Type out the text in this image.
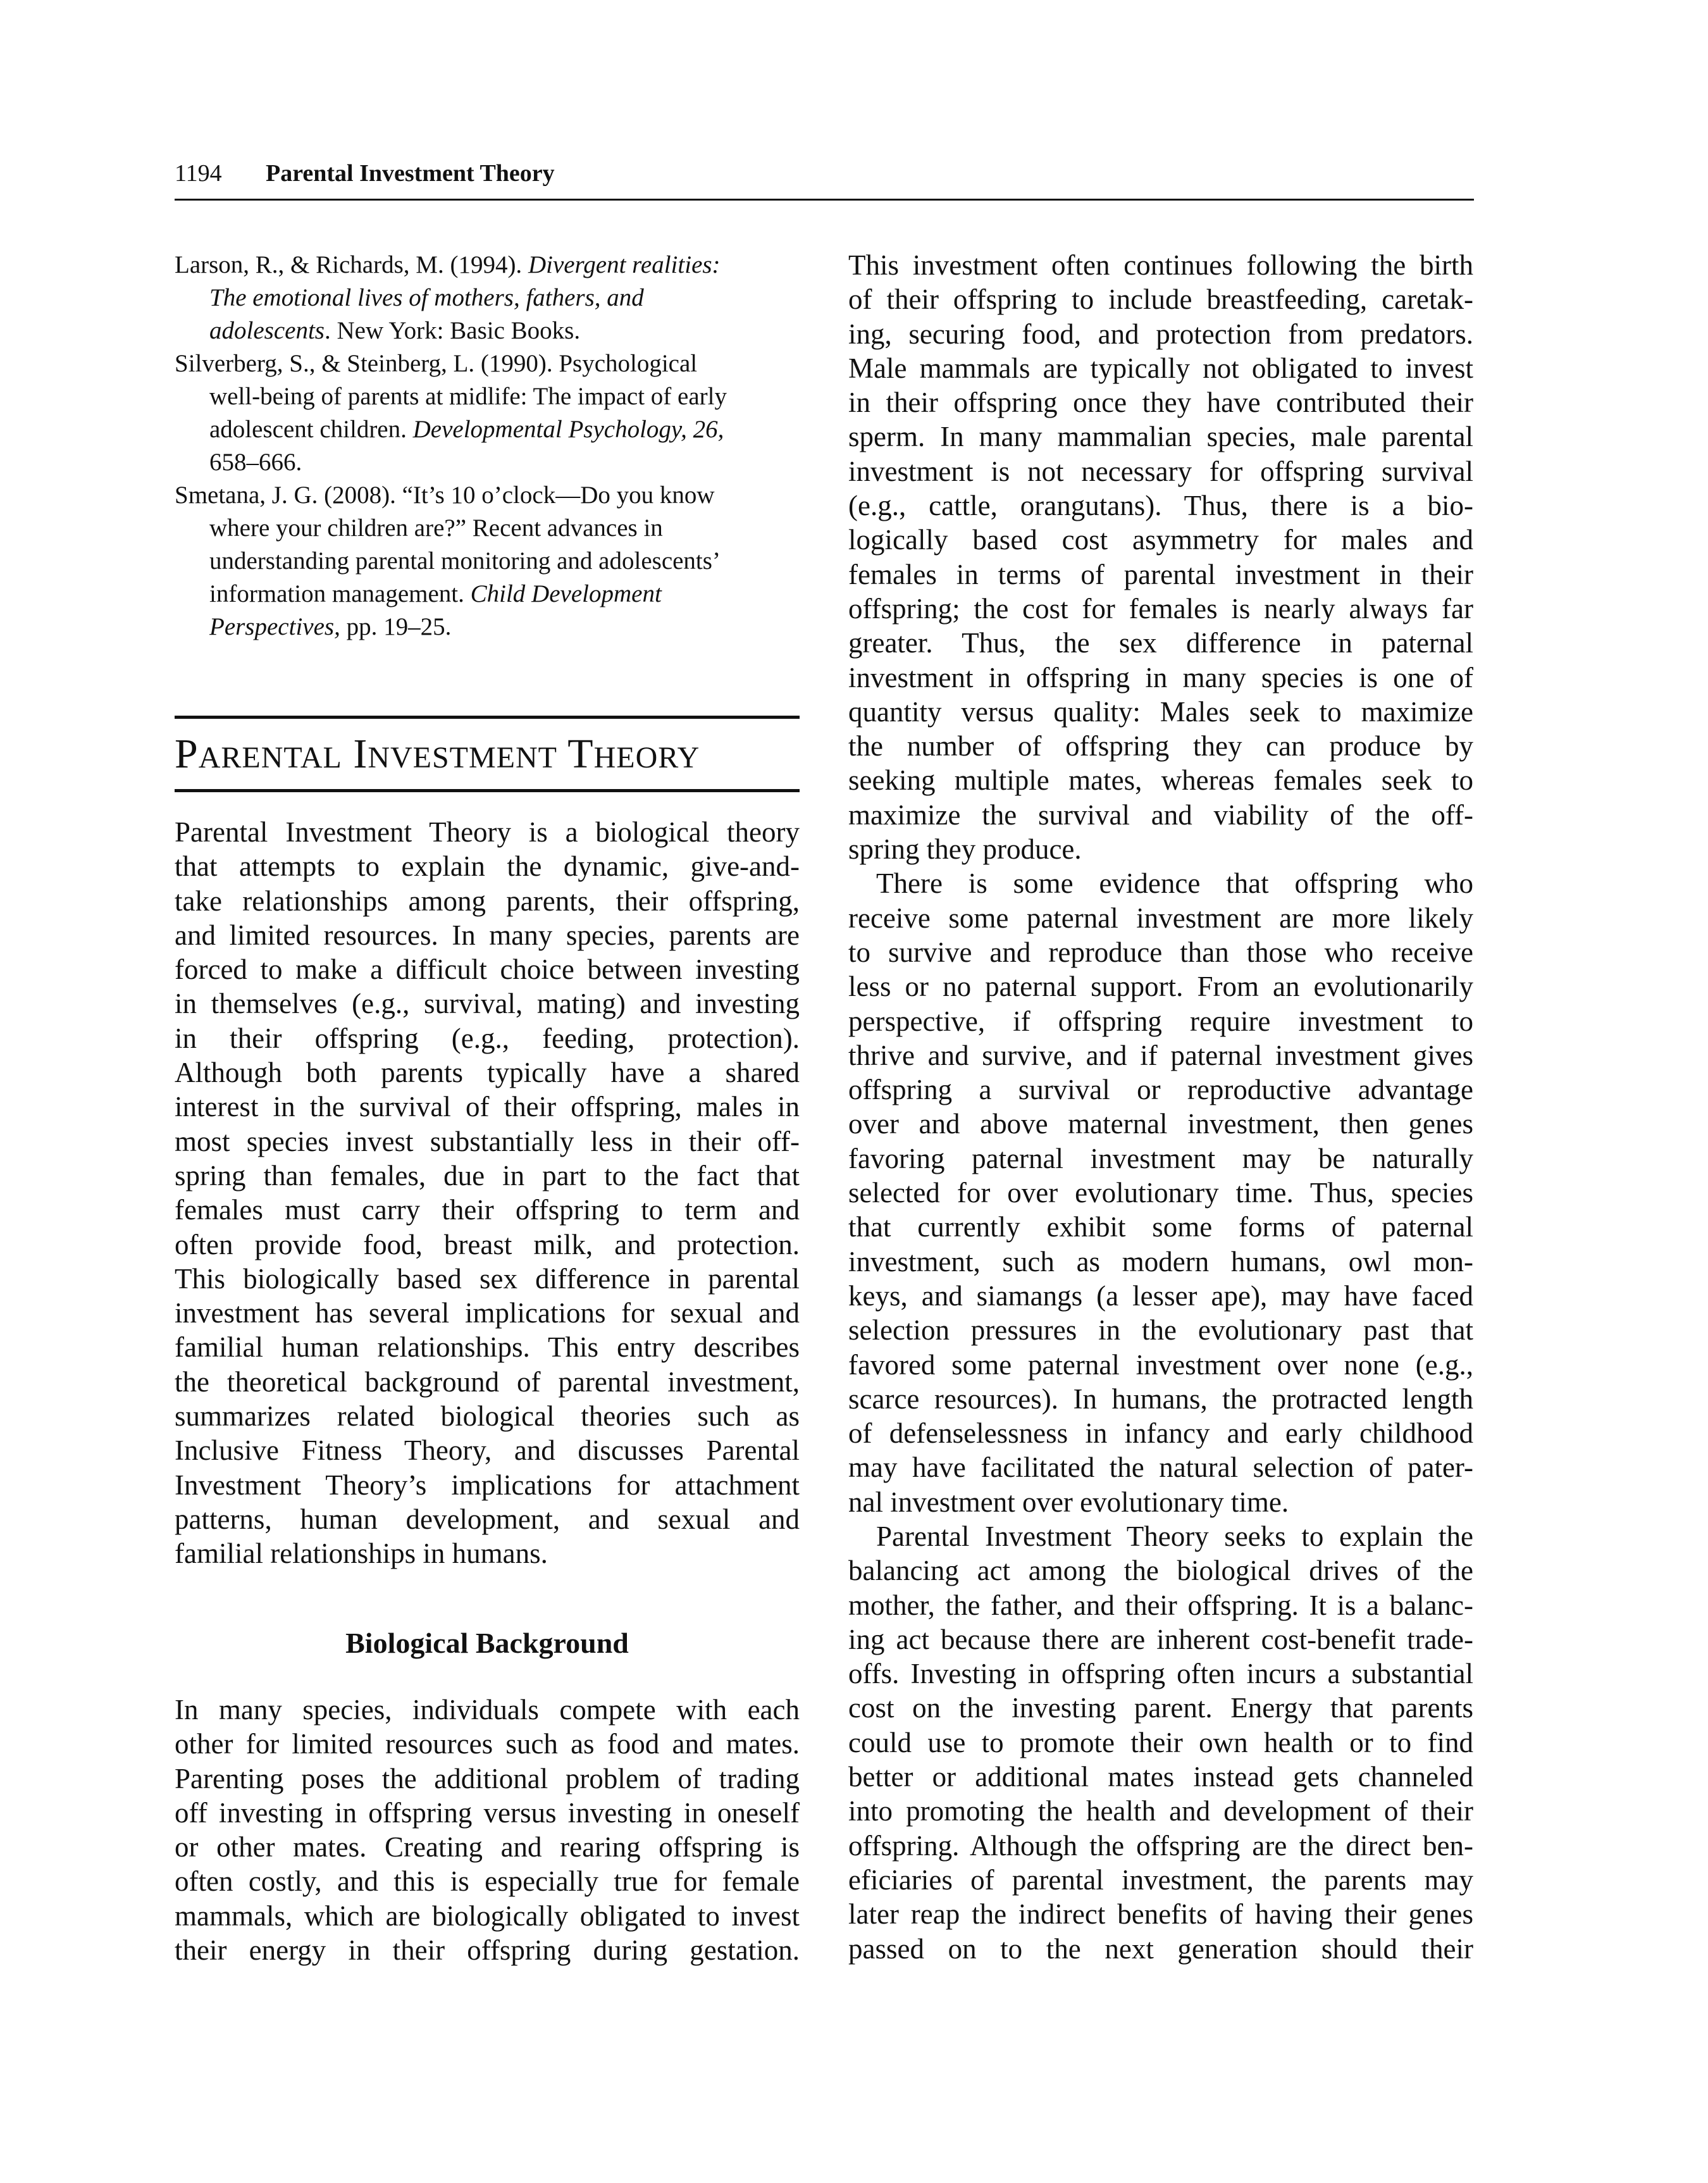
1194 Parental Investment Theory
Larson, R., & Richards, M. (1994). Divergent realities:
The emotional lives of mothers, fathers, and
adolescents. New York: Basic Books.
Silverberg, S., & Steinberg, L. (1990). Psychological
well-being of parents at midlife: The impact of early
adolescent children. Developmental Psychology, 26,
658–666.
Smetana, J. G. (2008). “It’s 10 o’clock—Do you know
where your children are?” Recent advances in
understanding parental monitoring and adolescents’
information management. Child Development
Perspectives, pp. 19–25.
PARENTAL INVESTMENT THEORY
Parental Investment Theory is a biological theory
that attempts to explain the dynamic, give-and-
take relationships among parents, their offspring,
and limited resources. In many species, parents are
forced to make a difficult choice between investing
in themselves (e.g., survival, mating) and investing
in their offspring (e.g., feeding, protection).
Although both parents typically have a shared
interest in the survival of their offspring, males in
most species invest substantially less in their off-
spring than females, due in part to the fact that
females must carry their offspring to term and
often provide food, breast milk, and protection.
This biologically based sex difference in parental
investment has several implications for sexual and
familial human relationships. This entry describes
the theoretical background of parental investment,
summarizes related biological theories such as
Inclusive Fitness Theory, and discusses Parental
Investment Theory’s implications for attachment
patterns, human development, and sexual and
familial relationships in humans.
Biological Background
In many species, individuals compete with each
other for limited resources such as food and mates.
Parenting poses the additional problem of trading
off investing in offspring versus investing in oneself
or other mates. Creating and rearing offspring is
often costly, and this is especially true for female
mammals, which are biologically obligated to invest
their energy in their offspring during gestation.
This investment often continues following the birth
of their offspring to include breastfeeding, caretak-
ing, securing food, and protection from predators.
Male mammals are typically not obligated to invest
in their offspring once they have contributed their
sperm. In many mammalian species, male parental
investment is not necessary for offspring survival
(e.g., cattle, orangutans). Thus, there is a bio-
logically based cost asymmetry for males and
females in terms of parental investment in their
offspring; the cost for females is nearly always far
greater. Thus, the sex difference in paternal
investment in offspring in many species is one of
quantity versus quality: Males seek to maximize
the number of offspring they can produce by
seeking multiple mates, whereas females seek to
maximize the survival and viability of the off-
spring they produce.
There is some evidence that offspring who
receive some paternal investment are more likely
to survive and reproduce than those who receive
less or no paternal support. From an evolutionarily
perspective, if offspring require investment to
thrive and survive, and if paternal investment gives
offspring a survival or reproductive advantage
over and above maternal investment, then genes
favoring paternal investment may be naturally
selected for over evolutionary time. Thus, species
that currently exhibit some forms of paternal
investment, such as modern humans, owl mon-
keys, and siamangs (a lesser ape), may have faced
selection pressures in the evolutionary past that
favored some paternal investment over none (e.g.,
scarce resources). In humans, the protracted length
of defenselessness in infancy and early childhood
may have facilitated the natural selection of pater-
nal investment over evolutionary time.
Parental Investment Theory seeks to explain the
balancing act among the biological drives of the
mother, the father, and their offspring. It is a balanc-
ing act because there are inherent cost-benefit trade-
offs. Investing in offspring often incurs a substantial
cost on the investing parent. Energy that parents
could use to promote their own health or to find
better or additional mates instead gets channeled
into promoting the health and development of their
offspring. Although the offspring are the direct ben-
eficiaries of parental investment, the parents may
later reap the indirect benefits of having their genes
passed on to the next generation should their
